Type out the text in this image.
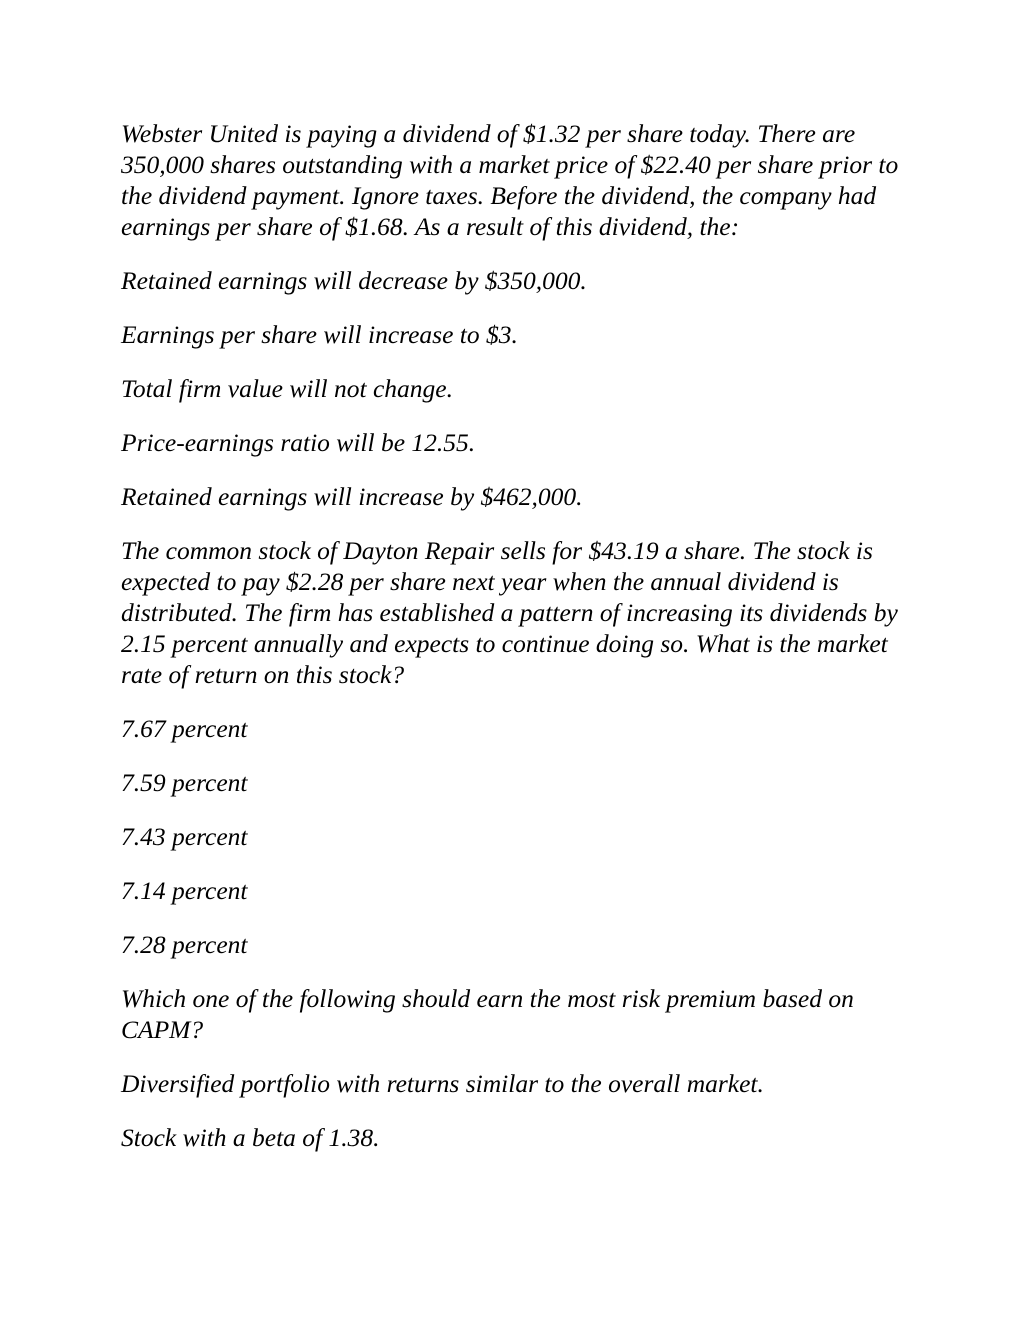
Webster United is paying a dividend of $1.32 per share today. There are 350,000 shares outstanding with a market price of $22.40 per share prior to the dividend payment. Ignore taxes. Before the dividend, the company had earnings per share of $1.68. As a result of this dividend, the:

Retained earnings will decrease by $350,000.

Earnings per share will increase to $3.

Total firm value will not change.

Price-earnings ratio will be 12.55.

Retained earnings will increase by $462,000.

The common stock of Dayton Repair sells for $43.19 a share. The stock is expected to pay $2.28 per share next year when the annual dividend is distributed. The firm has established a pattern of increasing its dividends by 2.15 percent annually and expects to continue doing so. What is the market rate of return on this stock?

7.67 percent

7.59 percent

7.43 percent

7.14 percent

7.28 percent

Which one of the following should earn the most risk premium based on CAPM?

Diversified portfolio with returns similar to the overall market.

Stock with a beta of 1.38.
